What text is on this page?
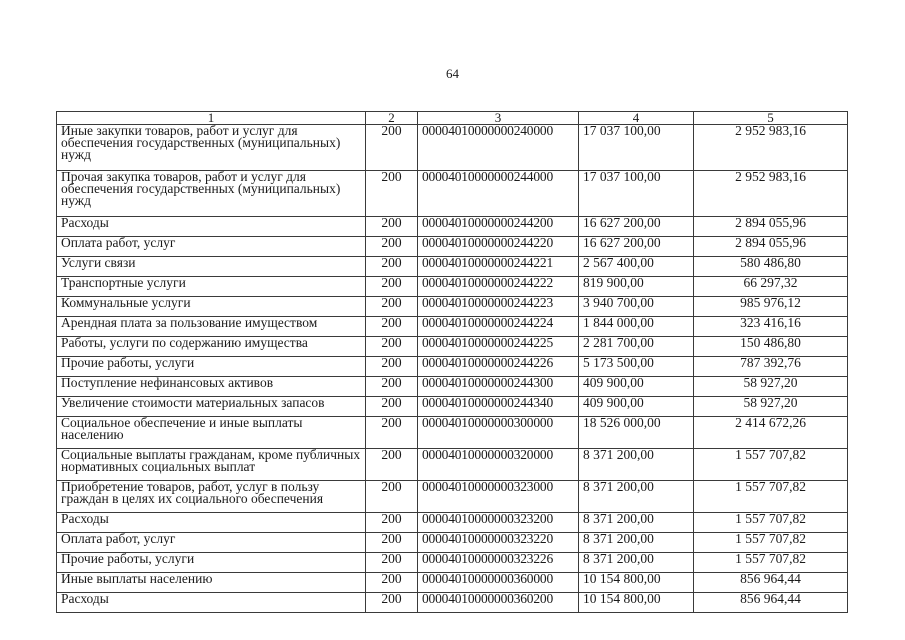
64
1	2	3	4	5
Иные закупки товаров, работ и услуг для обеспечения государственных (муниципальных) нужд	200	00004010000000240000	17 037 100,00	2 952 983,16
Прочая закупка товаров, работ и услуг для обеспечения государственных (муниципальных) нужд	200	00004010000000244000	17 037 100,00	2 952 983,16
Расходы	200	00004010000000244200	16 627 200,00	2 894 055,96
Оплата работ, услуг	200	00004010000000244220	16 627 200,00	2 894 055,96
Услуги связи	200	00004010000000244221	2 567 400,00	580 486,80
Транспортные услуги	200	00004010000000244222	819 900,00	66 297,32
Коммунальные услуги	200	00004010000000244223	3 940 700,00	985 976,12
Арендная плата за пользование имуществом	200	00004010000000244224	1 844 000,00	323 416,16
Работы, услуги по содержанию имущества	200	00004010000000244225	2 281 700,00	150 486,80
Прочие работы, услуги	200	00004010000000244226	5 173 500,00	787 392,76
Поступление нефинансовых активов	200	00004010000000244300	409 900,00	58 927,20
Увеличение стоимости материальных запасов	200	00004010000000244340	409 900,00	58 927,20
Социальное обеспечение и иные выплаты населению	200	00004010000000300000	18 526 000,00	2 414 672,26
Социальные выплаты гражданам, кроме публичных нормативных социальных выплат	200	00004010000000320000	8 371 200,00	1 557 707,82
Приобретение товаров, работ, услуг в пользу граждан в целях их социального обеспечения	200	00004010000000323000	8 371 200,00	1 557 707,82
Расходы	200	00004010000000323200	8 371 200,00	1 557 707,82
Оплата работ, услуг	200	00004010000000323220	8 371 200,00	1 557 707,82
Прочие работы, услуги	200	00004010000000323226	8 371 200,00	1 557 707,82
Иные выплаты населению	200	00004010000000360000	10 154 800,00	856 964,44
Расходы	200	00004010000000360200	10 154 800,00	856 964,44
